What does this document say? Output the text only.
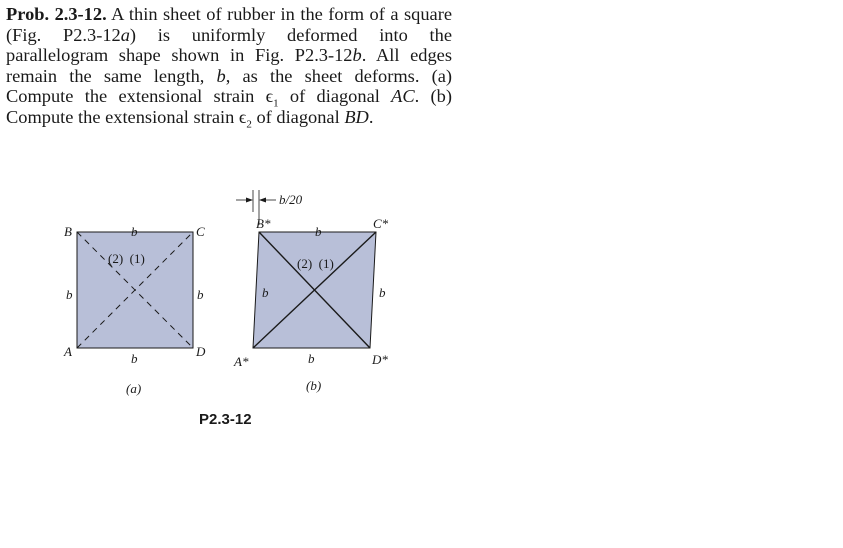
Prob. 2.3-12. A thin sheet of rubber in the form of a square (Fig. P2.3-12a) is uniformly deformed into the parallelogram shape shown in Fig. P2.3-12b. All edges remain the same length, b, as the sheet deforms. (a) Compute the extensional strain $\epsilon_1$ of diagonal AC. (b) Compute the extensional strain $\epsilon_2$ of diagonal BD.
B	C
A	D
b
b	b
b
(2)  (1)
(a)
b/20
B*	C*
A*	D*
b
b	b
b
(2)  (1)
(b)
P2.3-12
